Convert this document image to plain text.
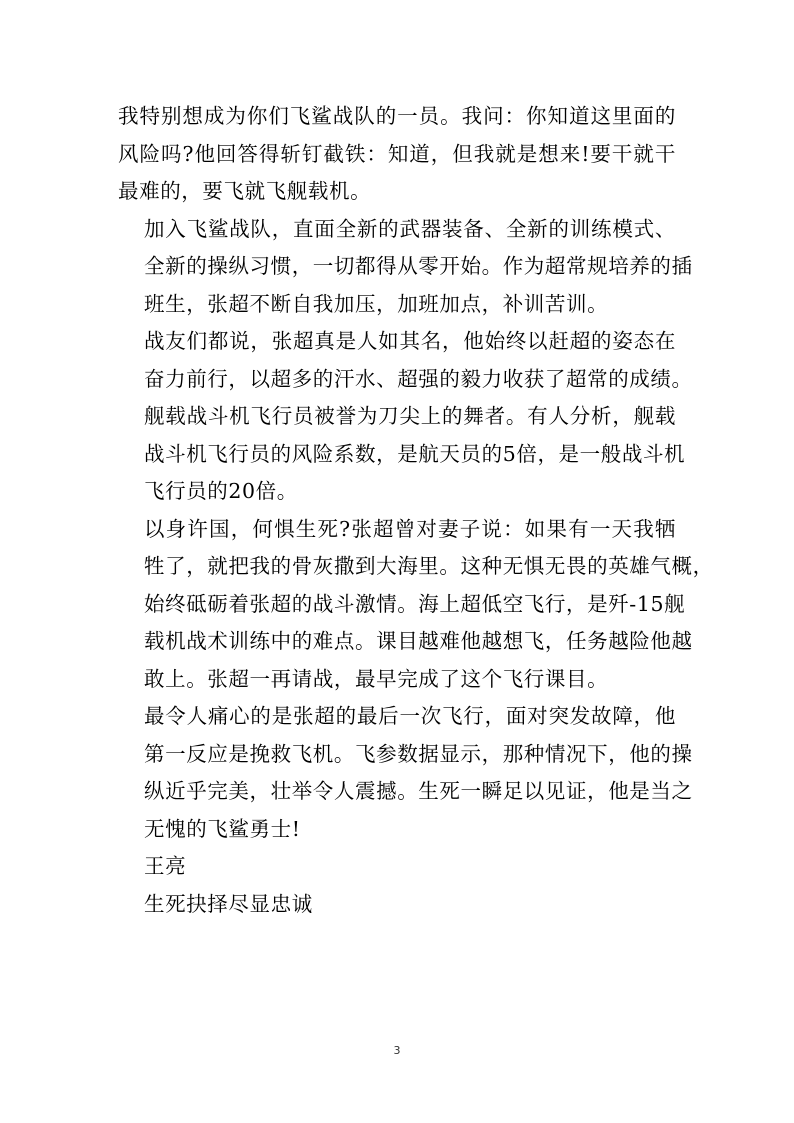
我特别想成为你们飞鲨战队的一员。我问：你知道这里面的
风险吗?他回答得斩钉截铁：知道，但我就是想来!要干就干
最难的，要飞就飞舰载机。

加入飞鲨战队，直面全新的武器装备、全新的训练模式、
全新的操纵习惯，一切都得从零开始。作为超常规培养的插
班生，张超不断自我加压，加班加点，补训苦训。

战友们都说，张超真是人如其名，他始终以赶超的姿态在
奋力前行，以超多的汗水、超强的毅力收获了超常的成绩。

舰载战斗机飞行员被誉为刀尖上的舞者。有人分析，舰载
战斗机飞行员的风险系数，是航天员的5倍，是一般战斗机
飞行员的20倍。

以身许国，何惧生死?张超曾对妻子说：如果有一天我牺
牲了，就把我的骨灰撒到大海里。这种无惧无畏的英雄气概，
始终砥砺着张超的战斗激情。海上超低空飞行，是歼-15舰
载机战术训练中的难点。课目越难他越想飞，任务越险他越
敢上。张超一再请战，最早完成了这个飞行课目。

最令人痛心的是张超的最后一次飞行，面对突发故障，他
第一反应是挽救飞机。飞参数据显示，那种情况下，他的操
纵近乎完美，壮举令人震撼。生死一瞬足以见证，他是当之
无愧的飞鲨勇士!

王亮

生死抉择尽显忠诚

3
